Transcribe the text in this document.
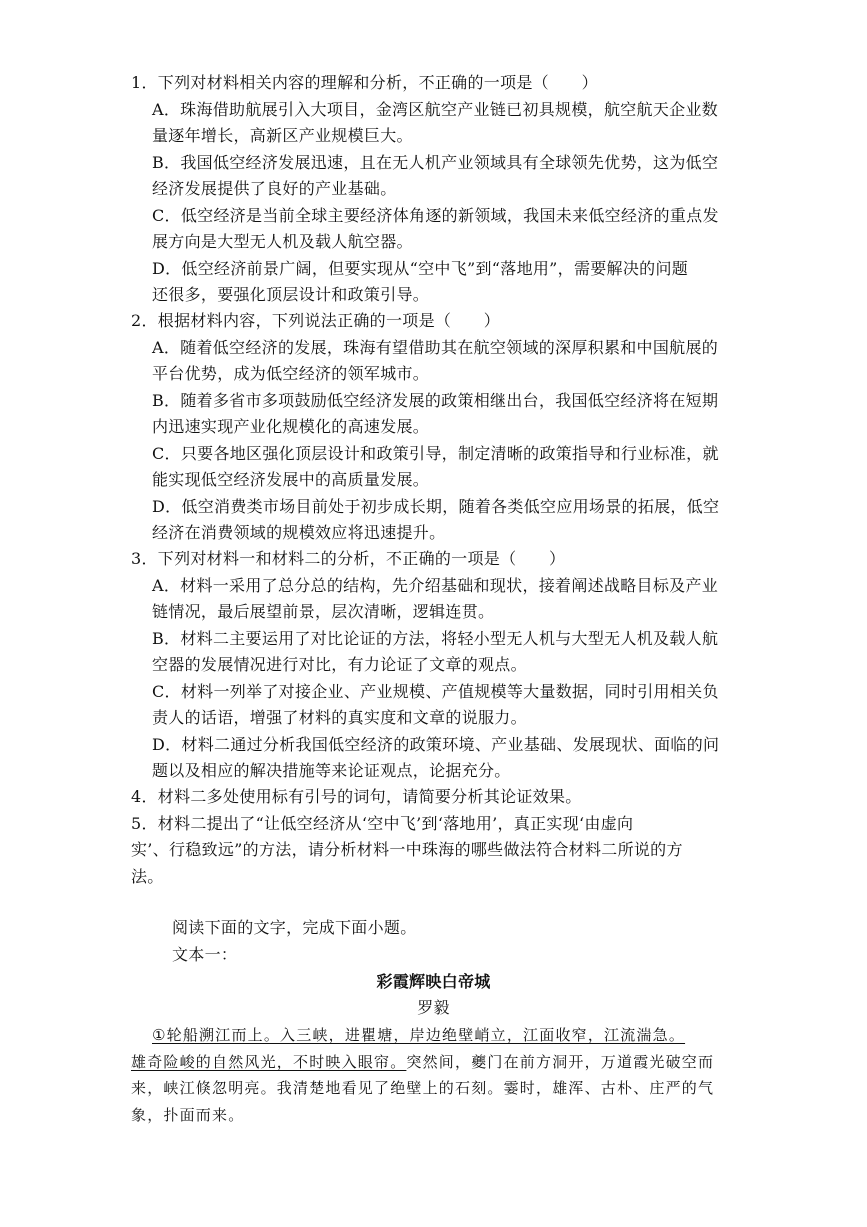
1．下列对材料相关内容的理解和分析，不正确的一项是（　　）
A．珠海借助航展引入大项目，金湾区航空产业链已初具规模，航空航天企业数
量逐年增长，高新区产业规模巨大。
B．我国低空经济发展迅速，且在无人机产业领域具有全球领先优势，这为低空
经济发展提供了良好的产业基础。
C．低空经济是当前全球主要经济体角逐的新领域，我国未来低空经济的重点发
展方向是大型无人机及载人航空器。
D．低空经济前景广阔，但要实现从“空中飞”到“落地用”，需要解决的问题
还很多，要强化顶层设计和政策引导。
2．根据材料内容，下列说法正确的一项是（　　）
A．随着低空经济的发展，珠海有望借助其在航空领域的深厚积累和中国航展的
平台优势，成为低空经济的领军城市。
B．随着多省市多项鼓励低空经济发展的政策相继出台，我国低空经济将在短期
内迅速实现产业化规模化的高速发展。
C．只要各地区强化顶层设计和政策引导，制定清晰的政策指导和行业标准，就
能实现低空经济发展中的高质量发展。
D．低空消费类市场目前处于初步成长期，随着各类低空应用场景的拓展，低空
经济在消费领域的规模效应将迅速提升。
3．下列对材料一和材料二的分析，不正确的一项是（　　）
A．材料一采用了总分总的结构，先介绍基础和现状，接着阐述战略目标及产业
链情况，最后展望前景，层次清晰，逻辑连贯。
B．材料二主要运用了对比论证的方法，将轻小型无人机与大型无人机及载人航
空器的发展情况进行对比，有力论证了文章的观点。
C．材料一列举了对接企业、产业规模、产值规模等大量数据，同时引用相关负
责人的话语，增强了材料的真实度和文章的说服力。
D．材料二通过分析我国低空经济的政策环境、产业基础、发展现状、面临的问
题以及相应的解决措施等来论证观点，论据充分。
4．材料二多处使用标有引号的词句，请简要分析其论证效果。
5．材料二提出了“让低空经济从‘空中飞’到‘落地用’，真正实现‘由虚向
实’、行稳致远”的方法，请分析材料一中珠海的哪些做法符合材料二所说的方
法。
阅读下面的文字，完成下面小题。
文本一：
彩霞辉映白帝城
罗毅
①轮船溯江而上。入三峡，进瞿塘，岸边绝壁峭立，江面收窄，江流湍急。
雄奇险峻的自然风光，不时映入眼帘。突然间，夔门在前方洞开，万道霞光破空而
来，峡江倏忽明亮。我清楚地看见了绝壁上的石刻。霎时，雄浑、古朴、庄严的气
象，扑面而来。
